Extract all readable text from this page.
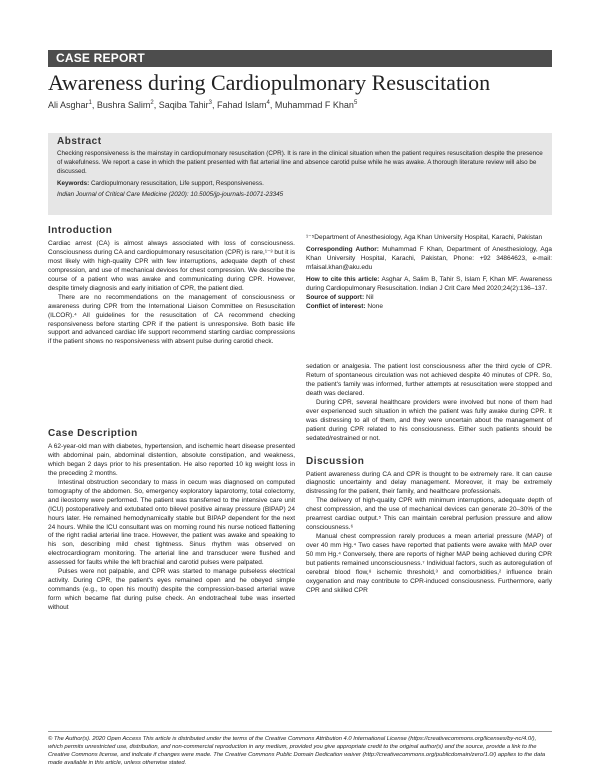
CASE REPORT
Awareness during Cardiopulmonary Resuscitation
Ali Asghar$^1$, Bushra Salim$^2$, Saqiba Tahir$^3$, Fahad Islam$^4$, Muhammad F Khan$^5$
Abstract

Checking responsiveness is the mainstay in cardiopulmonary resuscitation (CPR). It is rare in the clinical situation when the patient requires resuscitation despite the presence of wakefulness. We report a case in which the patient presented with flat arterial line and absence carotid pulse while he was awake. A thorough literature review will also be discussed.

Keywords: Cardiopulmonary resuscitation, Life support, Responsiveness.

Indian Journal of Critical Care Medicine (2020): 10.5005/jp-journals-10071-23345

Introduction

Cardiac arrest (CA) is almost always associated with loss of consciousness. Consciousness during CA and cardiopulmonary resuscitation (CPR) is rare,¹⁻³ but it is most likely with high-quality CPR with few interruptions, adequate depth of chest compression, and use of mechanical devices for chest compression. We describe the course of a patient who was awake and communicating during CPR. However, despite timely diagnosis and early initiation of CPR, the patient died.

There are no recommendations on the management of consciousness or awareness during CPR from the International Liaison Committee on Resuscitation (ILCOR).⁴ All guidelines for the resuscitation of CA recommend checking responsiveness before starting CPR if the patient is unresponsive. Both basic life support and advanced cardiac life support recommend starting cardiac compressions if the patient shows no responsiveness with absent pulse during carotid check.

Case Description

A 62-year-old man with diabetes, hypertension, and ischemic heart disease presented with abdominal pain, abdominal distention, absolute constipation, and weakness, which began 2 days prior to his presentation. He also reported 10 kg weight loss in the preceding 2 months.

Intestinal obstruction secondary to mass in cecum was diagnosed on computed tomography of the abdomen. So, emergency exploratory laparotomy, total colectomy, and ileostomy were performed. The patient was transferred to the intensive care unit (ICU) postoperatively and extubated onto bilevel positive airway pressure (BIPAP) 24 hours later. He remained hemodynamically stable but BIPAP dependent for the next 24 hours. While the ICU consultant was on morning round his nurse noticed flattening of the right radial arterial line trace. However, the patient was awake and speaking to his son, describing mild chest tightness. Sinus rhythm was observed on electrocardiogram monitoring. The arterial line and transducer were flushed and assessed for faults while the left brachial and carotid pulses were palpated.

Pulses were not palpable, and CPR was started to manage pulseless electrical activity. During CPR, the patient's eyes remained open and he obeyed simple commands (e.g., to open his mouth) despite the compression-based arterial wave form which became flat during pulse check. An endotracheal tube was inserted without

¹⁻⁵Department of Anesthesiology, Aga Khan University Hospital, Karachi, Pakistan

Corresponding Author: Muhammad F Khan, Department of Anesthesiology, Aga Khan University Hospital, Karachi, Pakistan, Phone: +92 34864623, e-mail: mfaisal.khan@aku.edu

How to cite this article: Asghar A, Salim B, Tahir S, Islam F, Khan MF. Awareness during Cardiopulmonary Resuscitation. Indian J Crit Care Med 2020;24(2):136–137.

Source of support: Nil

Conflict of interest: None

sedation or analgesia. The patient lost consciousness after the third cycle of CPR. Return of spontaneous circulation was not achieved despite 40 minutes of CPR. So, the patient's family was informed, further attempts at resuscitation were stopped and death was declared.

During CPR, several healthcare providers were involved but none of them had ever experienced such situation in which the patient was fully awake during CPR. It was distressing to all of them, and they were uncertain about the management of patient during CPR related to his consciousness. Either such patients should be sedated/restrained or not.

Discussion

Patient awareness during CA and CPR is thought to be extremely rare. It can cause diagnostic uncertainty and delay management. Moreover, it may be extremely distressing for the patient, their family, and healthcare professionals.

The delivery of high-quality CPR with minimum interruptions, adequate depth of chest compression, and the use of mechanical devices can generate 20–30% of the prearrest cardiac output.⁵ This can maintain cerebral perfusion pressure and allow consciousness.⁶

Manual chest compression rarely produces a mean arterial pressure (MAP) of over 40 mm Hg.⁴ Two cases have reported that patients were awake with MAP over 50 mm Hg.⁴ Conversely, there are reports of higher MAP being achieved during CPR but patients remained unconsciousness.⁷ Individual factors, such as autoregulation of cerebral blood flow,⁸ ischemic threshold,³ and comorbidities,² influence brain oxygenation and may contribute to CPR-induced consciousness. Furthermore, early CPR and skilled CPR

© The Author(s). 2020 Open Access This article is distributed under the terms of the Creative Commons Attribution 4.0 International License (https://creativecommons.org/licenses/by-nc/4.0/), which permits unrestricted use, distribution, and non-commercial reproduction in any medium, provided you give appropriate credit to the original author(s) and the source, provide a link to the Creative Commons license, and indicate if changes were made. The Creative Commons Public Domain Dedication waiver (http://creativecommons.org/publicdomain/zero/1.0/) applies to the data made available in this article, unless otherwise stated.
